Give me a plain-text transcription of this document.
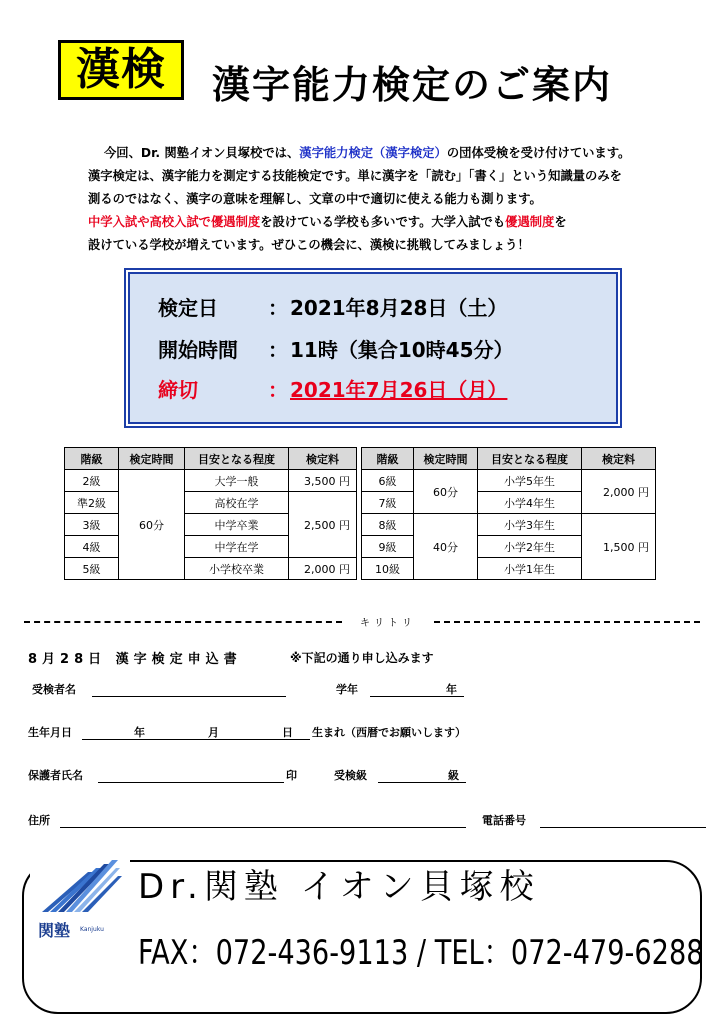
漢検	漢字能力検定のご案内

今回、Dr. 関塾イオン貝塚校では、漢字能力検定（漢字検定）の団体受検を受け付けています。

漢字検定は、漢字能力を測定する技能検定です。単に漢字を「読む」「書く」という知識量のみを

測るのではなく、漢字の意味を理解し、文章の中で適切に使える能力も測ります。

中学入試や高校入試で優遇制度を設けている学校も多いです。大学入試でも優遇制度を

設けている学校が増えています。ぜひこの機会に、漢検に挑戦してみましょう！

検定日	： 2021年8月28日（土）
開始時間 ： 11時（集合10時45分）
締切	： 2021年7月26日（月）
階級	検定時間	目安となる程度	検定料		階級	検定時間	目安となる程度	検定料
2級	60分	大学一般	3,500 円		6級	60分	小学5年生	2,000 円
準2級		高校在学	2,500 円		7級		小学4年生	
3級		中学卒業			8級	40分	小学3年生	1,500 円
4級		中学在学			9級		小学2年生	
5級		小学校卒業	2,000 円		10級		小学1年生	
キリトリ
8月28日 漢字検定申込書	※下記の通り申し込みます
受検者名	学年	年
生年月日	年	月	日 生まれ（西暦でお願いします）
保護者氏名	印	受検級	級
住所	電話番号
関塾 Kanjuku
Dr.関塾 イオン貝塚校
FAX：072-436-9113 / TEL：072-479-6288
